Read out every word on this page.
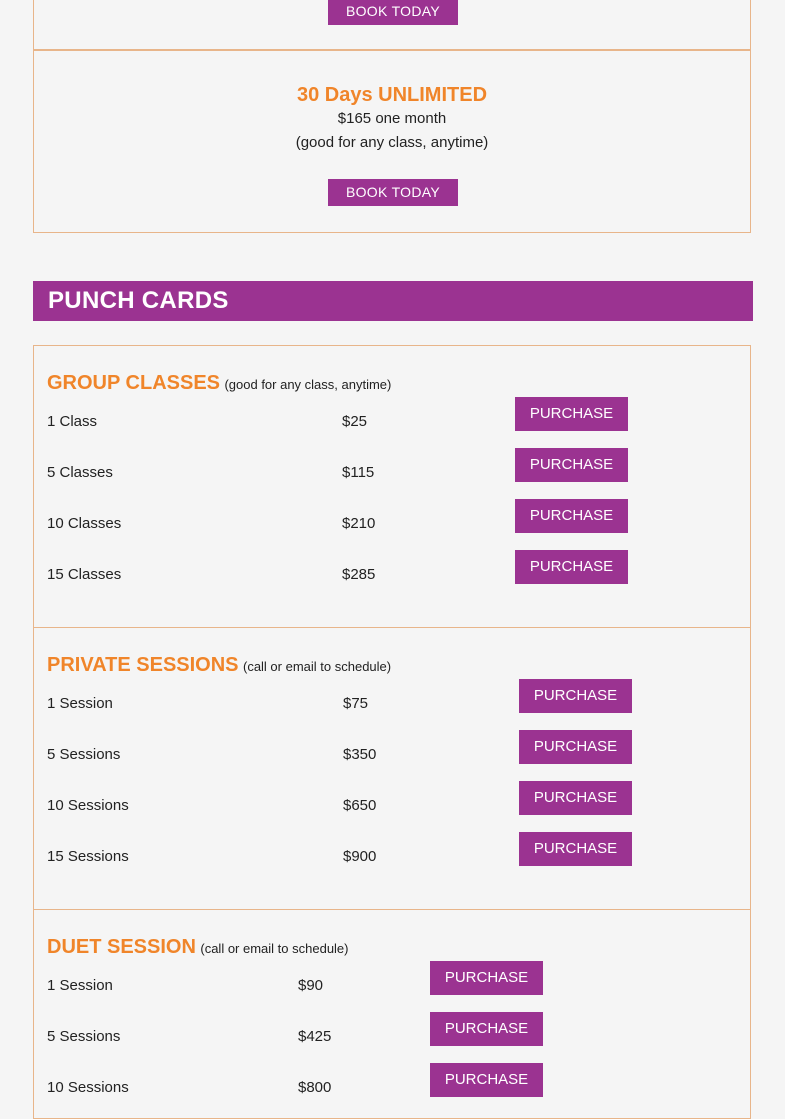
BOOK TODAY
30 Days UNLIMITED
$165 one month
(good for any class, anytime)
BOOK TODAY
PUNCH CARDS
GROUP CLASSES (good for any class, anytime)
1 Class	$25	PURCHASE
5 Classes	$115	PURCHASE
10 Classes	$210	PURCHASE
15 Classes	$285	PURCHASE
PRIVATE SESSIONS (call or email to schedule)
1 Session	$75	PURCHASE
5 Sessions	$350	PURCHASE
10 Sessions	$650	PURCHASE
15 Sessions	$900	PURCHASE
DUET SESSION (call or email to schedule)
1 Session	$90	PURCHASE
5 Sessions	$425	PURCHASE
10 Sessions	$800	PURCHASE
